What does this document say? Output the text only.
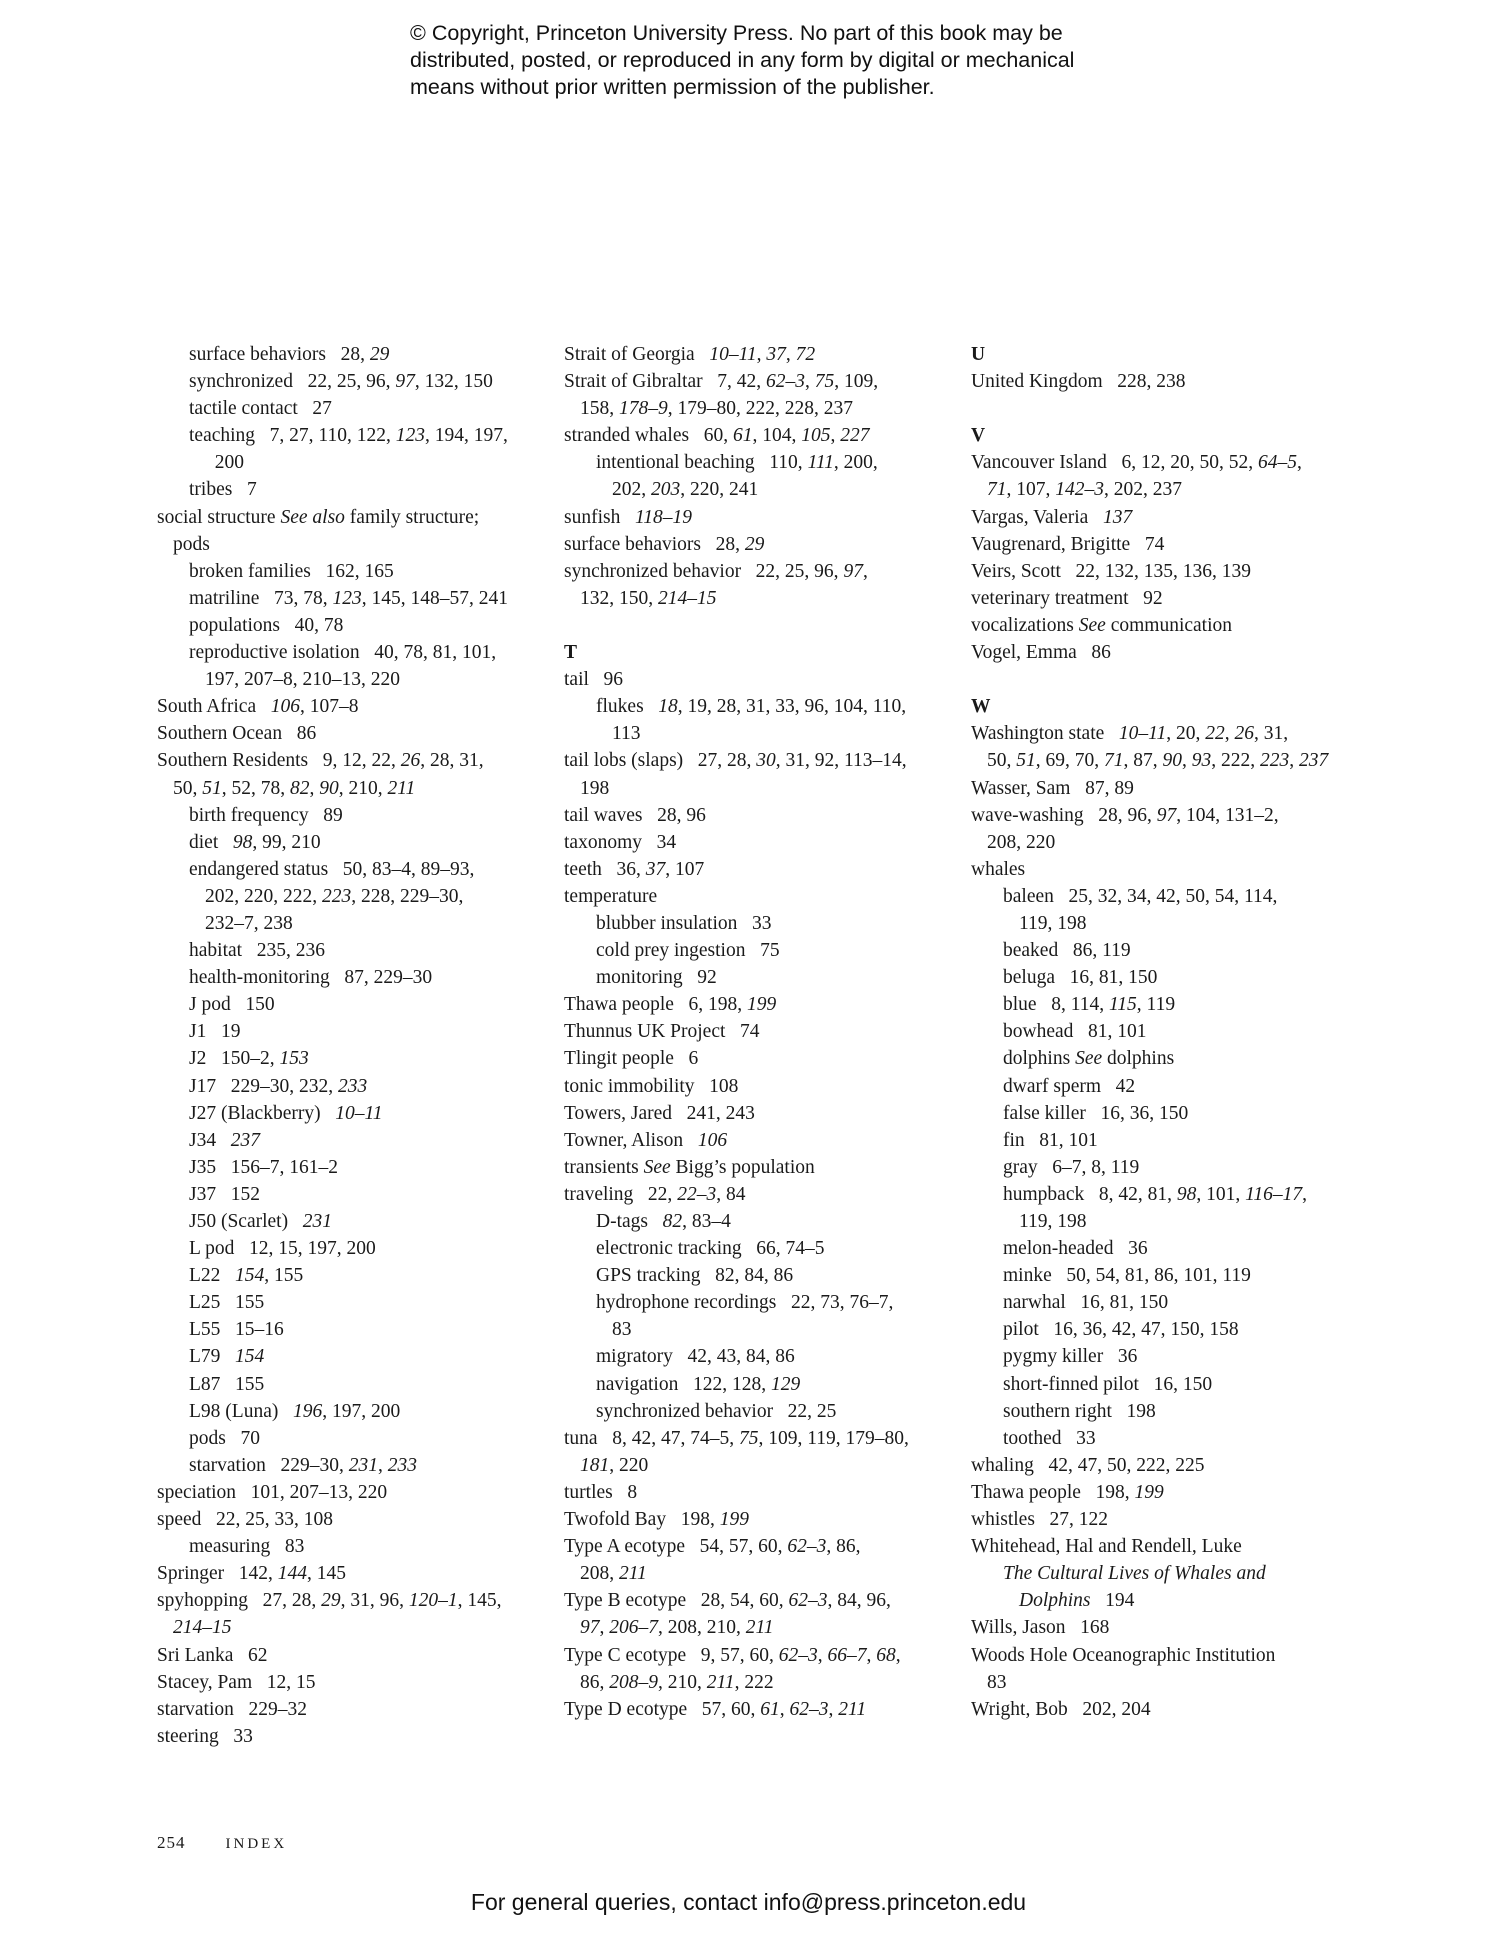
© Copyright, Princeton University Press. No part of this book may be
distributed, posted, or reproduced in any form by digital or mechanical
means without prior written permission of the publisher.
surface behaviors   28, 29
synchronized   22, 25, 96, 97, 132, 150
tactile contact   27
teaching   7, 27, 110, 122, 123, 194, 197,
200
tribes   7
social structure See also family structure;
pods
broken families   162, 165
matriline   73, 78, 123, 145, 148–57, 241
populations   40, 78
reproductive isolation   40, 78, 81, 101,
197, 207–8, 210–13, 220
South Africa   106, 107–8
Southern Ocean   86
Southern Residents   9, 12, 22, 26, 28, 31,
50, 51, 52, 78, 82, 90, 210, 211
birth frequency   89
diet   98, 99, 210
endangered status   50, 83–4, 89–93,
202, 220, 222, 223, 228, 229–30,
232–7, 238
habitat   235, 236
health-monitoring   87, 229–30
J pod   150
J1   19
J2   150–2, 153
J17   229–30, 232, 233
J27 (Blackberry)   10–11
J34   237
J35   156–7, 161–2
J37   152
J50 (Scarlet)   231
L pod   12, 15, 197, 200
L22   154, 155
L25   155
L55   15–16
L79   154
L87   155
L98 (Luna)   196, 197, 200
pods   70
starvation   229–30, 231, 233
speciation   101, 207–13, 220
speed   22, 25, 33, 108
measuring   83
Springer   142, 144, 145
spyhopping   27, 28, 29, 31, 96, 120–1, 145,
214–15
Sri Lanka   62
Stacey, Pam   12, 15
starvation   229–32
steering   33
Strait of Georgia   10–11, 37, 72
Strait of Gibraltar   7, 42, 62–3, 75, 109,
158, 178–9, 179–80, 222, 228, 237
stranded whales   60, 61, 104, 105, 227
intentional beaching   110, 111, 200,
202, 203, 220, 241
sunfish   118–19
surface behaviors   28, 29
synchronized behavior   22, 25, 96, 97,
132, 150, 214–15
T
tail   96
flukes   18, 19, 28, 31, 33, 96, 104, 110,
113
tail lobs (slaps)   27, 28, 30, 31, 92, 113–14,
198
tail waves   28, 96
taxonomy   34
teeth   36, 37, 107
temperature
blubber insulation   33
cold prey ingestion   75
monitoring   92
Thawa people   6, 198, 199
Thunnus UK Project   74
Tlingit people   6
tonic immobility   108
Towers, Jared   241, 243
Towner, Alison   106
transients See Bigg’s population
traveling   22, 22–3, 84
D-tags   82, 83–4
electronic tracking   66, 74–5
GPS tracking   82, 84, 86
hydrophone recordings   22, 73, 76–7,
83
migratory   42, 43, 84, 86
navigation   122, 128, 129
synchronized behavior   22, 25
tuna   8, 42, 47, 74–5, 75, 109, 119, 179–80,
181, 220
turtles   8
Twofold Bay   198, 199
Type A ecotype   54, 57, 60, 62–3, 86,
208, 211
Type B ecotype   28, 54, 60, 62–3, 84, 96,
97, 206–7, 208, 210, 211
Type C ecotype   9, 57, 60, 62–3, 66–7, 68,
86, 208–9, 210, 211, 222
Type D ecotype   57, 60, 61, 62–3, 211
U
United Kingdom   228, 238
V
Vancouver Island   6, 12, 20, 50, 52, 64–5,
71, 107, 142–3, 202, 237
Vargas, Valeria   137
Vaugrenard, Brigitte   74
Veirs, Scott   22, 132, 135, 136, 139
veterinary treatment   92
vocalizations See communication
Vogel, Emma   86
W
Washington state   10–11, 20, 22, 26, 31,
50, 51, 69, 70, 71, 87, 90, 93, 222, 223, 237
Wasser, Sam   87, 89
wave-washing   28, 96, 97, 104, 131–2,
208, 220
whales
baleen   25, 32, 34, 42, 50, 54, 114,
119, 198
beaked   86, 119
beluga   16, 81, 150
blue   8, 114, 115, 119
bowhead   81, 101
dolphins See dolphins
dwarf sperm   42
false killer   16, 36, 150
fin   81, 101
gray   6–7, 8, 119
humpback   8, 42, 81, 98, 101, 116–17,
119, 198
melon-headed   36
minke   50, 54, 81, 86, 101, 119
narwhal   16, 81, 150
pilot   16, 36, 42, 47, 150, 158
pygmy killer   36
short-finned pilot   16, 150
southern right   198
toothed   33
whaling   42, 47, 50, 222, 225
Thawa people   198, 199
whistles   27, 122
Whitehead, Hal and Rendell, Luke
The Cultural Lives of Whales and
Dolphins   194
Wills, Jason   168
Woods Hole Oceanographic Institution
83
Wright, Bob   202, 204
254	INDEX
For general queries, contact info@press.princeton.edu
